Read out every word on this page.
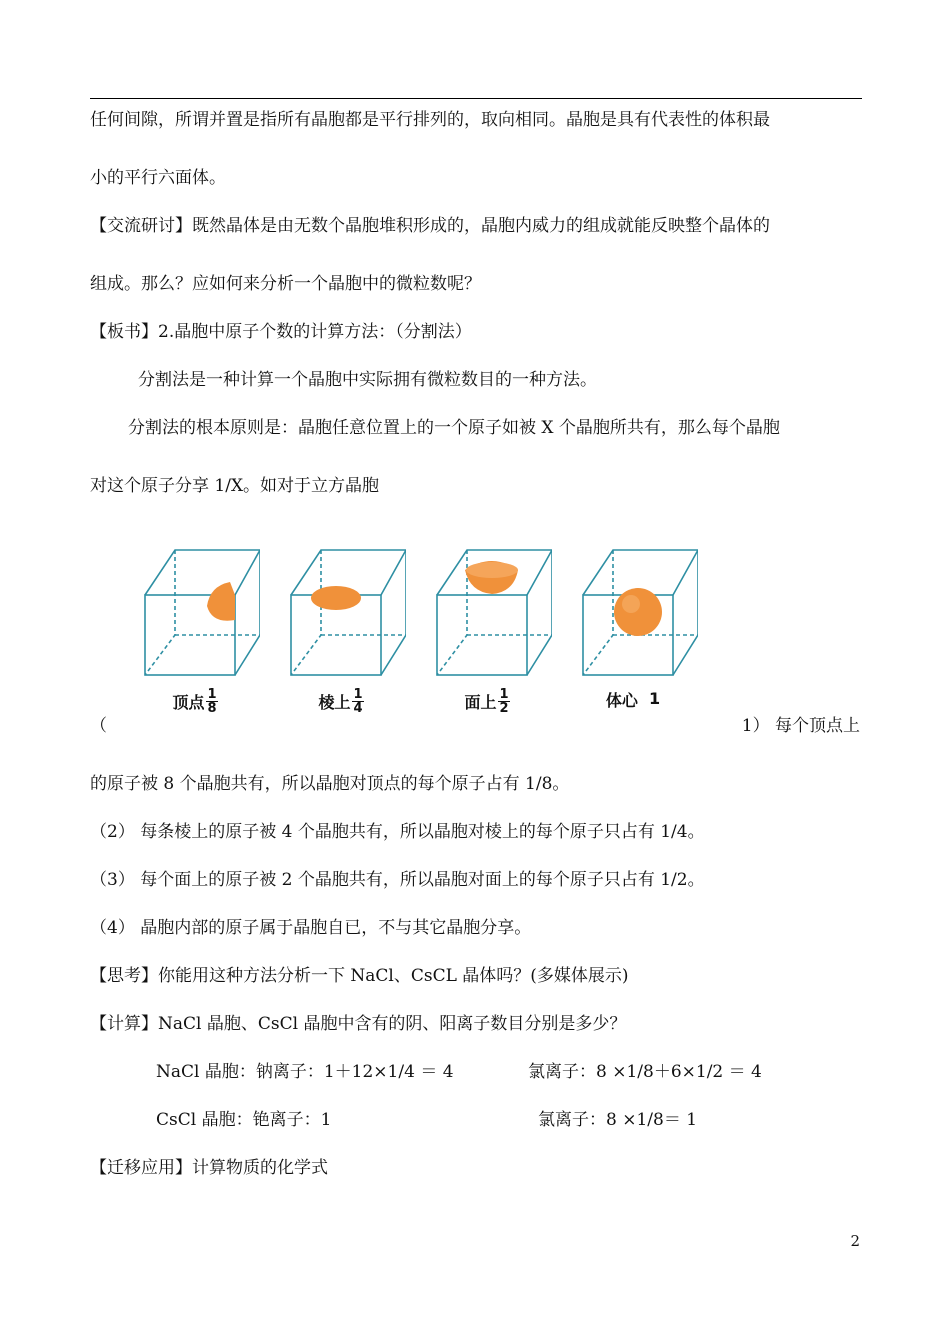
任何间隙，所谓并置是指所有晶胞都是平行排列的，取向相同。晶胞是具有代表性的体积最
小的平行六面体。
【交流研讨】既然晶体是由无数个晶胞堆积形成的，晶胞内威力的组成就能反映整个晶体的
组成。那么？应如何来分析一个晶胞中的微粒数呢？
【板书】2.晶胞中原子个数的计算方法：（分割法）
分割法是一种计算一个晶胞中实际拥有微粒数目的一种方法。
分割法的根本原则是：晶胞任意位置上的一个原子如被 X 个晶胞所共有，那么每个晶胞
对这个原子分享 1/X。如对于立方晶胞
顶点 $\frac{1}{8}$	棱上 $\frac{1}{4}$	面上 $\frac{1}{2}$	体心 1
（	1） 每个顶点上
的原子被 8 个晶胞共有，所以晶胞对顶点的每个原子占有 1/8。
（2） 每条棱上的原子被 4 个晶胞共有，所以晶胞对棱上的每个原子只占有 1/4。
（3） 每个面上的原子被 2 个晶胞共有，所以晶胞对面上的每个原子只占有 1/2。
（4） 晶胞内部的原子属于晶胞自已，不与其它晶胞分享。
【思考】你能用这种方法分析一下 NaCl、CsCL 晶体吗？(多媒体展示)
【计算】NaCl 晶胞、CsCl 晶胞中含有的阴、阳离子数目分别是多少？
NaCl 晶胞：钠离子：1＋12×1/4 ＝ 4	氯离子：8 ×1/8＋6×1/2 ＝ 4
CsCl 晶胞：铯离子：1	氯离子：8 ×1/8＝ 1
【迁移应用】计算物质的化学式
2
